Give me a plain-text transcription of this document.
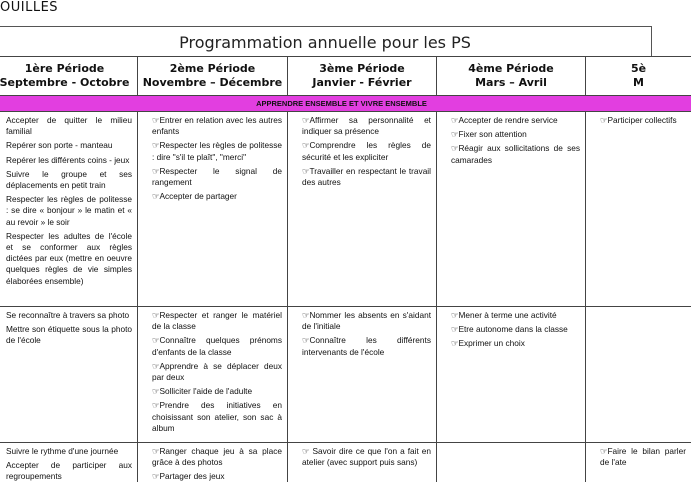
OUILLES
Programmation annuelle pour les PS
1ère Période
Septembre - Octobre
2ème Période
Novembre – Décembre
3ème Période
Janvier - Février
4ème Période
Mars – Avril
5è
M
APPRENDRE ENSEMBLE ET VIVRE ENSEMBLE
Accepter de quitter le milieu familial
Repérer son porte - manteau
Repérer les différents coins - jeux
Suivre le groupe et ses déplacements en petit train
Respecter les règles de politesse : se dire « bonjour » le matin et « au revoir » le soir
Respecter les adultes de l'école et se conformer aux règles dictées par eux (mettre en oeuvre quelques règles de vie simples élaborées ensemble)
☞Entrer en relation avec les autres enfants
☞Respecter les règles de politesse : dire "s'il te plaît", "merci"
☞Respecter le signal de rangement
☞Accepter de partager
☞Affirmer sa personnalité et indiquer sa présence
☞Comprendre les règles de sécurité et les expliciter
☞Travailler en respectant le travail des autres
☞Accepter de rendre service
☞Fixer son attention
☞Réagir aux sollicitations de ses camarades
☞Participer collectifs
Se reconnaître à travers sa photo
Mettre son étiquette sous la photo de l'école
☞Respecter et ranger le matériel de la classe
☞Connaître quelques prénoms d'enfants de la classe
☞Apprendre à se déplacer deux par deux
☞Solliciter l'aide de l'adulte
☞Prendre des initiatives en choisissant son atelier, son sac à album
☞Nommer les absents en s'aidant de l'initiale
☞Connaître les différents intervenants de l'école
☞Mener à terme une activité
☞Etre autonome dans la classe
☞Exprimer un choix
Suivre le rythme d'une journée
Accepter de participer aux regroupements
☞Ranger chaque jeu à sa place grâce à des photos
☞Partager des jeux
☞ Savoir dire ce que l'on a fait en atelier (avec support puis sans)
☞Faire le bilan parler de l'ate
